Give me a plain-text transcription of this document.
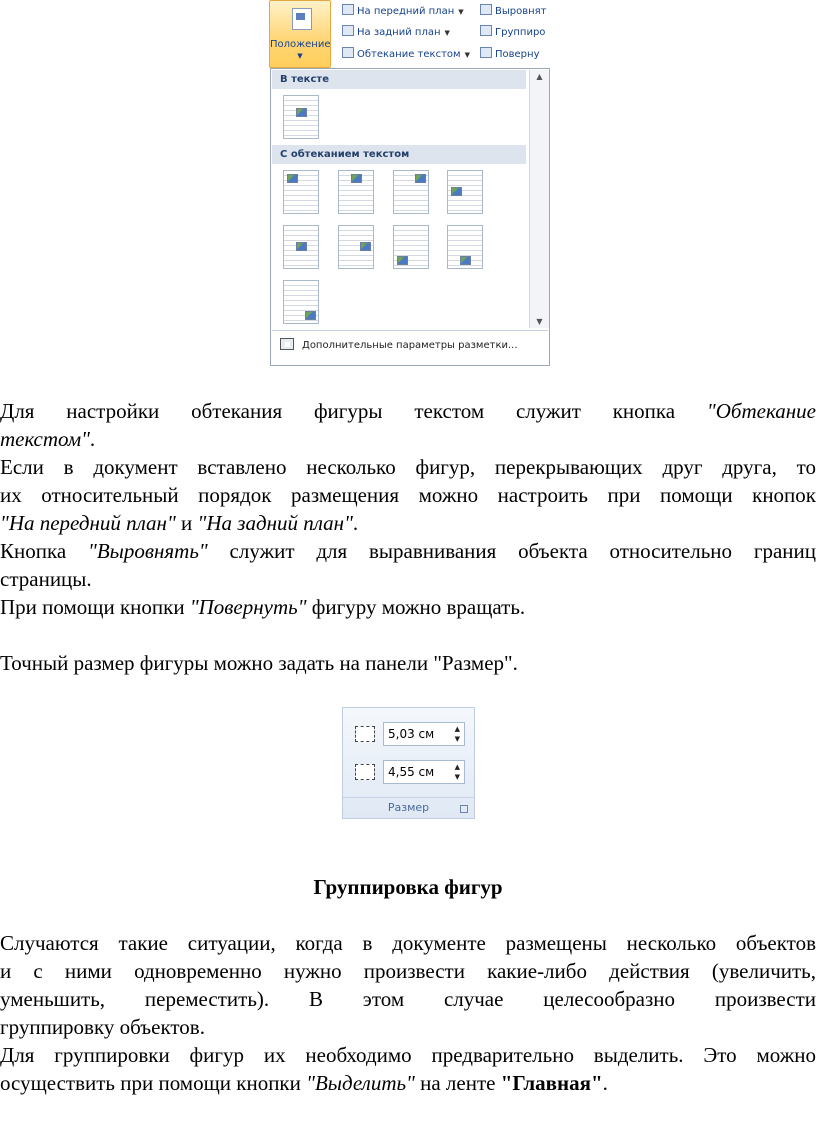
Положение
▼
На передний план ▼
На задний план ▼
Обтекание текстом ▼
Выровнят
Группиро
Поверну
В тексте
С обтеканием текстом
▲
▼
Дополнительные параметры разметки...
Для настройки обтекания фигуры текстом служит кнопка "Обтекание
текстом".
Если в документ вставлено несколько фигур, перекрывающих друг друга, то
их относительный порядок размещения можно настроить при помощи кнопок
"На передний план" и "На задний план".
Кнопка "Выровнять" служит для выравнивания объекта относительно границ
страницы.
При помощи кнопки "Повернуть" фигуру можно вращать.
Точный размер фигуры можно задать на панели "Размер".
5,03 см	▲
▼
4,55 см	▲
▼
Размер
Группировка фигур
Случаются такие ситуации, когда в документе размещены несколько объектов
и с ними одновременно нужно произвести какие-либо действия (увеличить,
уменьшить, переместить). В этом случае целесообразно произвести
группировку объектов.
Для группировки фигур их необходимо предварительно выделить. Это можно
осуществить при помощи кнопки "Выделить" на ленте "Главная".
